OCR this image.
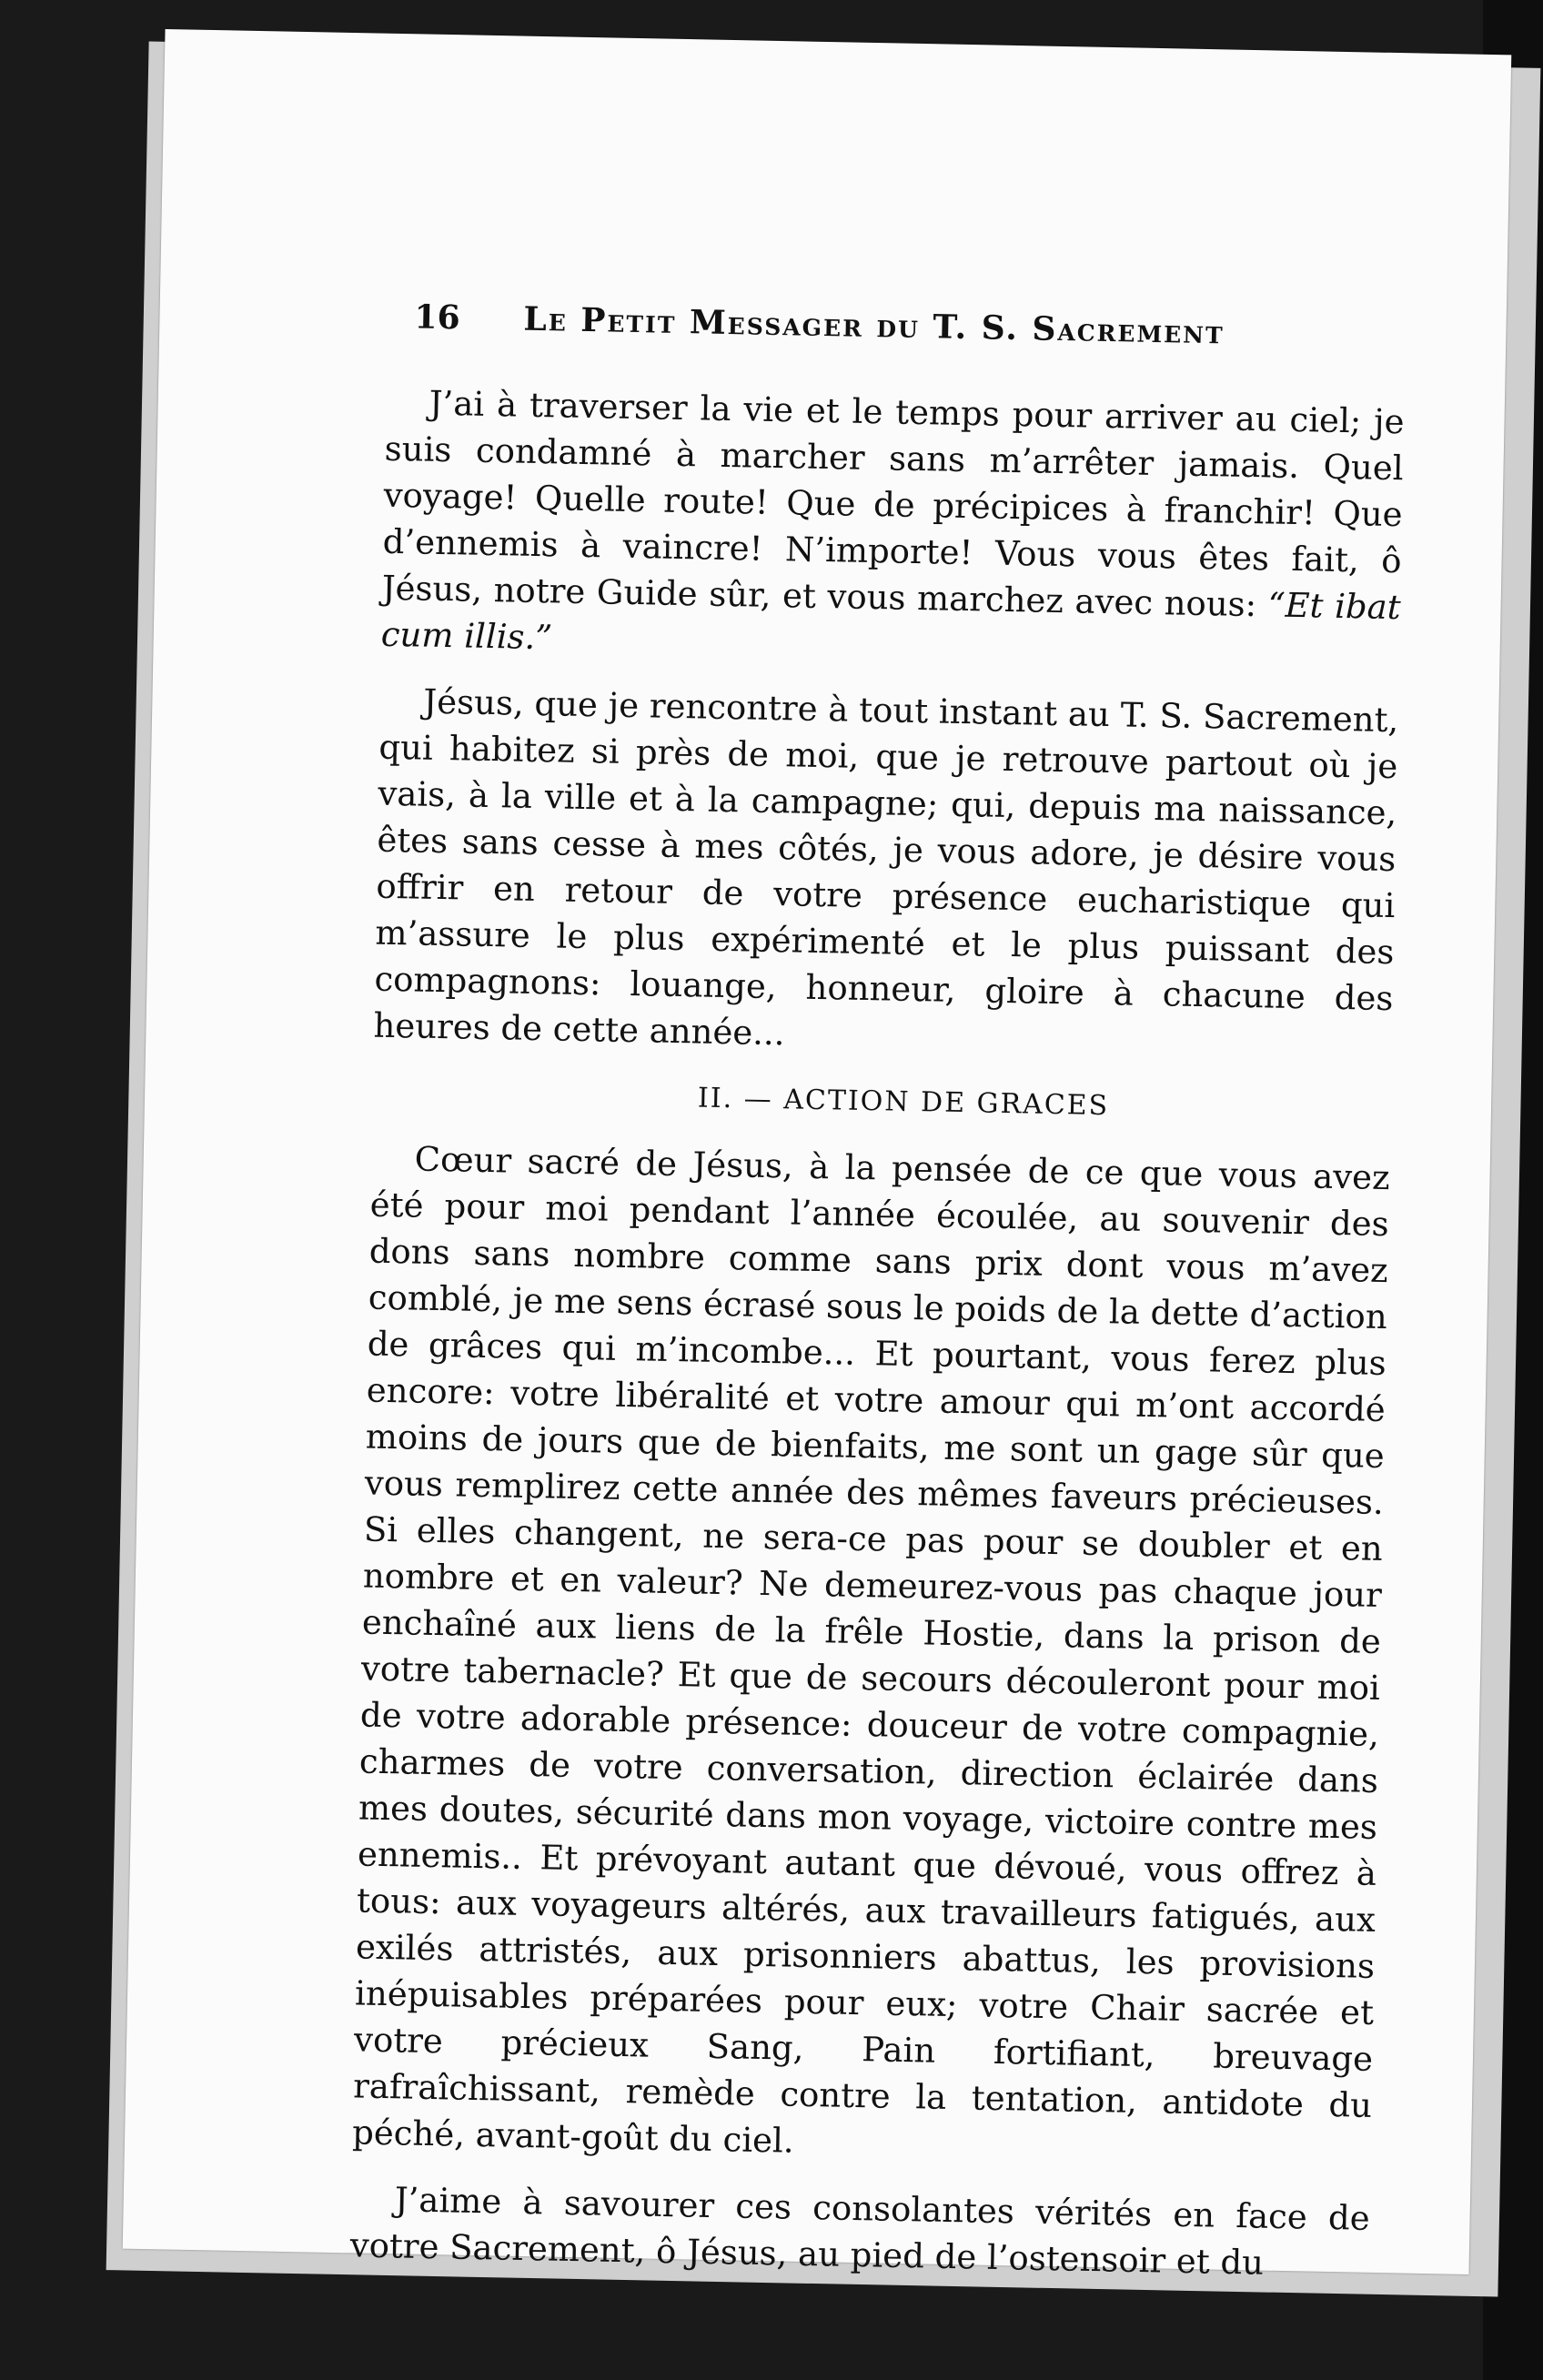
16	Le Petit Messager du T. S. Sacrement

J’ai à traverser la vie et le temps pour arriver au ciel; je suis condamné à marcher sans m’arrêter jamais. Quel voyage! Quelle route! Que de précipices à franchir! Que d’ennemis à vaincre! N’importe! Vous vous êtes fait, ô Jésus, notre Guide sûr, et vous marchez avec nous: “Et ibat cum illis.”

Jésus, que je rencontre à tout instant au T. S. Sacrement, qui habitez si près de moi, que je retrouve partout où je vais, à la ville et à la campagne; qui, depuis ma naissance, êtes sans cesse à mes côtés, je vous adore, je désire vous offrir en retour de votre présence eucharistique qui m’assure le plus expérimenté et le plus puissant des compagnons: louange, honneur, gloire à chacune des heures de cette année...

II. — ACTION DE GRACES

Cœur sacré de Jésus, à la pensée de ce que vous avez été pour moi pendant l’année écoulée, au souvenir des dons sans nombre comme sans prix dont vous m’avez comblé, je me sens écrasé sous le poids de la dette d’action de grâces qui m’incombe... Et pourtant, vous ferez plus encore: votre libéralité et votre amour qui m’ont accordé moins de jours que de bienfaits, me sont un gage sûr que vous remplirez cette année des mêmes faveurs précieuses. Si elles changent, ne sera-ce pas pour se doubler et en nombre et en valeur? Ne demeurez-vous pas chaque jour enchaîné aux liens de la frêle Hostie, dans la prison de votre tabernacle? Et que de secours découleront pour moi de votre adorable présence: douceur de votre compagnie, charmes de votre conversation, direction éclairée dans mes doutes, sécurité dans mon voyage, victoire contre mes ennemis.. Et prévoyant autant que dévoué, vous offrez à tous: aux voyageurs altérés, aux travailleurs fatigués, aux exilés attristés, aux prisonniers abattus, les provisions inépuisables préparées pour eux; votre Chair sacrée et votre précieux Sang, Pain fortifiant, breuvage rafraîchissant, remède contre la tentation, antidote du péché, avant-goût du ciel.

J’aime à savourer ces consolantes vérités en face de votre Sacrement, ô Jésus, au pied de l’ostensoir et du
